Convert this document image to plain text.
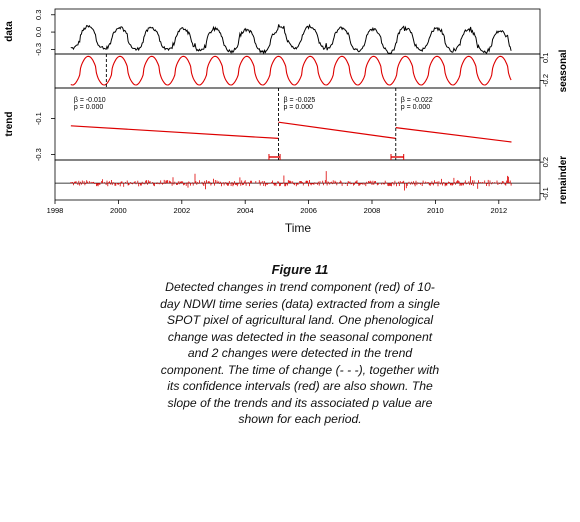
β = -0.010
p = 0.000
β = -0.025
p = 0.000
β = -0.022
p = 0.000
data
0.3
0.0
-0.3
seasonal
0.1
-0.2
trend	-0.1
-0.3
remainder
0.2
-0.1
1998	2000	2002	2004	2006	2008	2010	2012
Time
Figure 11
Detected changes in trend component (red) of 10-day NDWI time series (data) extracted from a single SPOT pixel of agricultural land. One phenological change was detected in the seasonal component and 2 changes were detected in the trend component. The time of change (- - -), together with its confidence intervals (red) are also shown. The slope of the trends and its associated p value are shown for each period.
